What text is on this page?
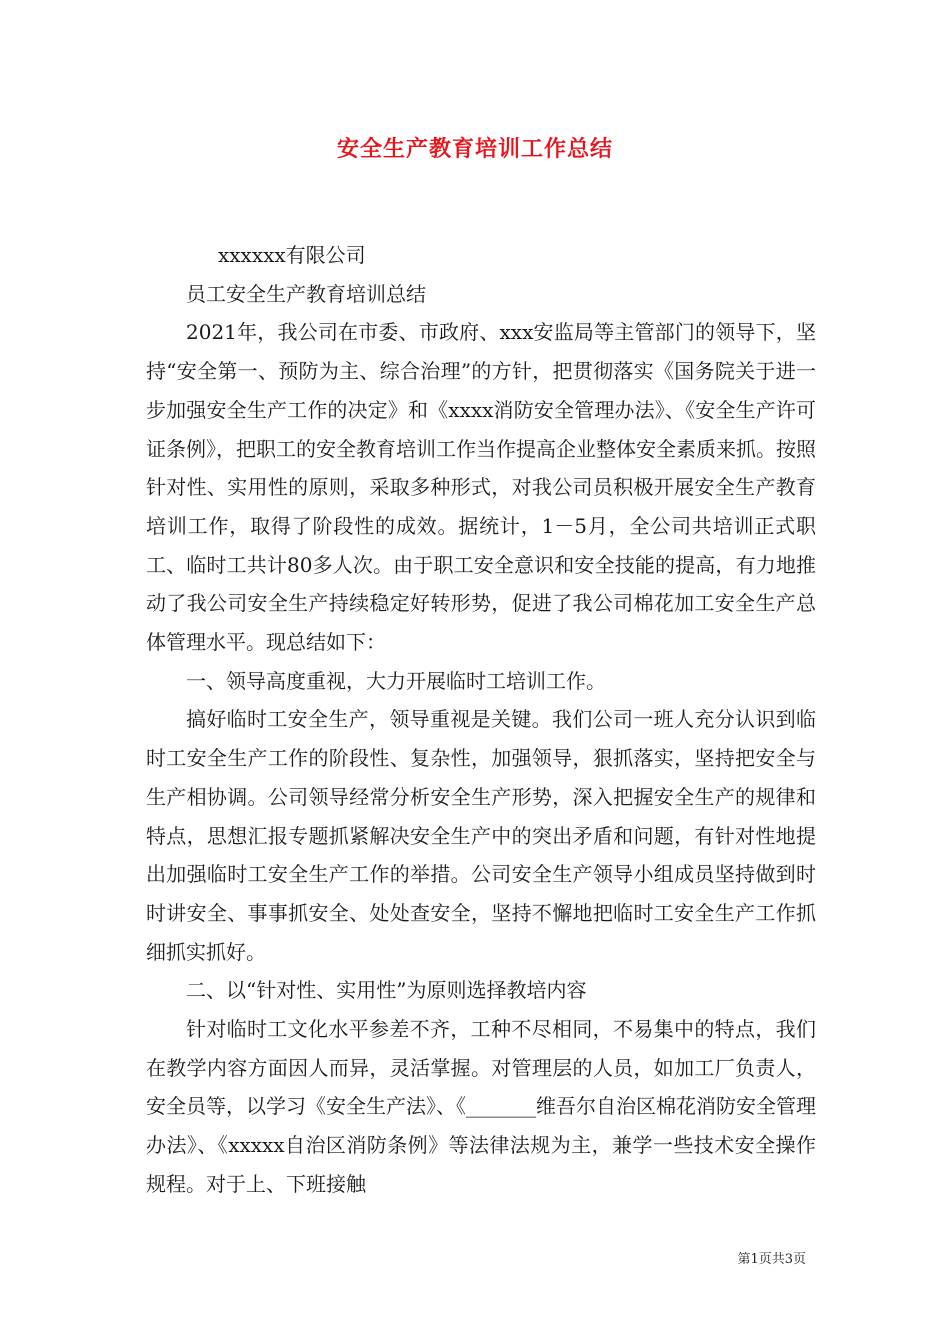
安全生产教育培训工作总结

xxxxxx有限公司

员工安全生产教育培训总结

2021年，我公司在市委、市政府、xxx安监局等主管部门的领导下，坚持“安全第一、预防为主、综合治理”的方针，把贯彻落实《国务院关于进一步加强安全生产工作的决定》和《xxxx消防安全管理办法》、《安全生产许可证条例》，把职工的安全教育培训工作当作提高企业整体安全素质来抓。按照针对性、实用性的原则，采取多种形式，对我公司员积极开展安全生产教育培训工作，取得了阶段性的成效。据统计，1－5月，全公司共培训正式职工、临时工共计80多人次。由于职工安全意识和安全技能的提高，有力地推动了我公司安全生产持续稳定好转形势，促进了我公司棉花加工安全生产总体管理水平。现总结如下：

一、领导高度重视，大力开展临时工培训工作。

搞好临时工安全生产，领导重视是关键。我们公司一班人充分认识到临时工安全生产工作的阶段性、复杂性，加强领导，狠抓落实，坚持把安全与生产相协调。公司领导经常分析安全生产形势，深入把握安全生产的规律和特点，思想汇报专题抓紧解决安全生产中的突出矛盾和问题，有针对性地提出加强临时工安全生产工作的举措。公司安全生产领导小组成员坚持做到时时讲安全、事事抓安全、处处查安全，坚持不懈地把临时工安全生产工作抓细抓实抓好。

二、以“针对性、实用性”为原则选择教培内容

针对临时工文化水平参差不齐，工种不尽相同，不易集中的特点，我们在教学内容方面因人而异，灵活掌握。对管理层的人员，如加工厂负责人，安全员等，以学习《安全生产法》、《_______维吾尔自治区棉花消防安全管理办法》、《xxxxx自治区消防条例》等法律法规为主，兼学一些技术安全操作规程。对于上、下班接触

第1页共3页
